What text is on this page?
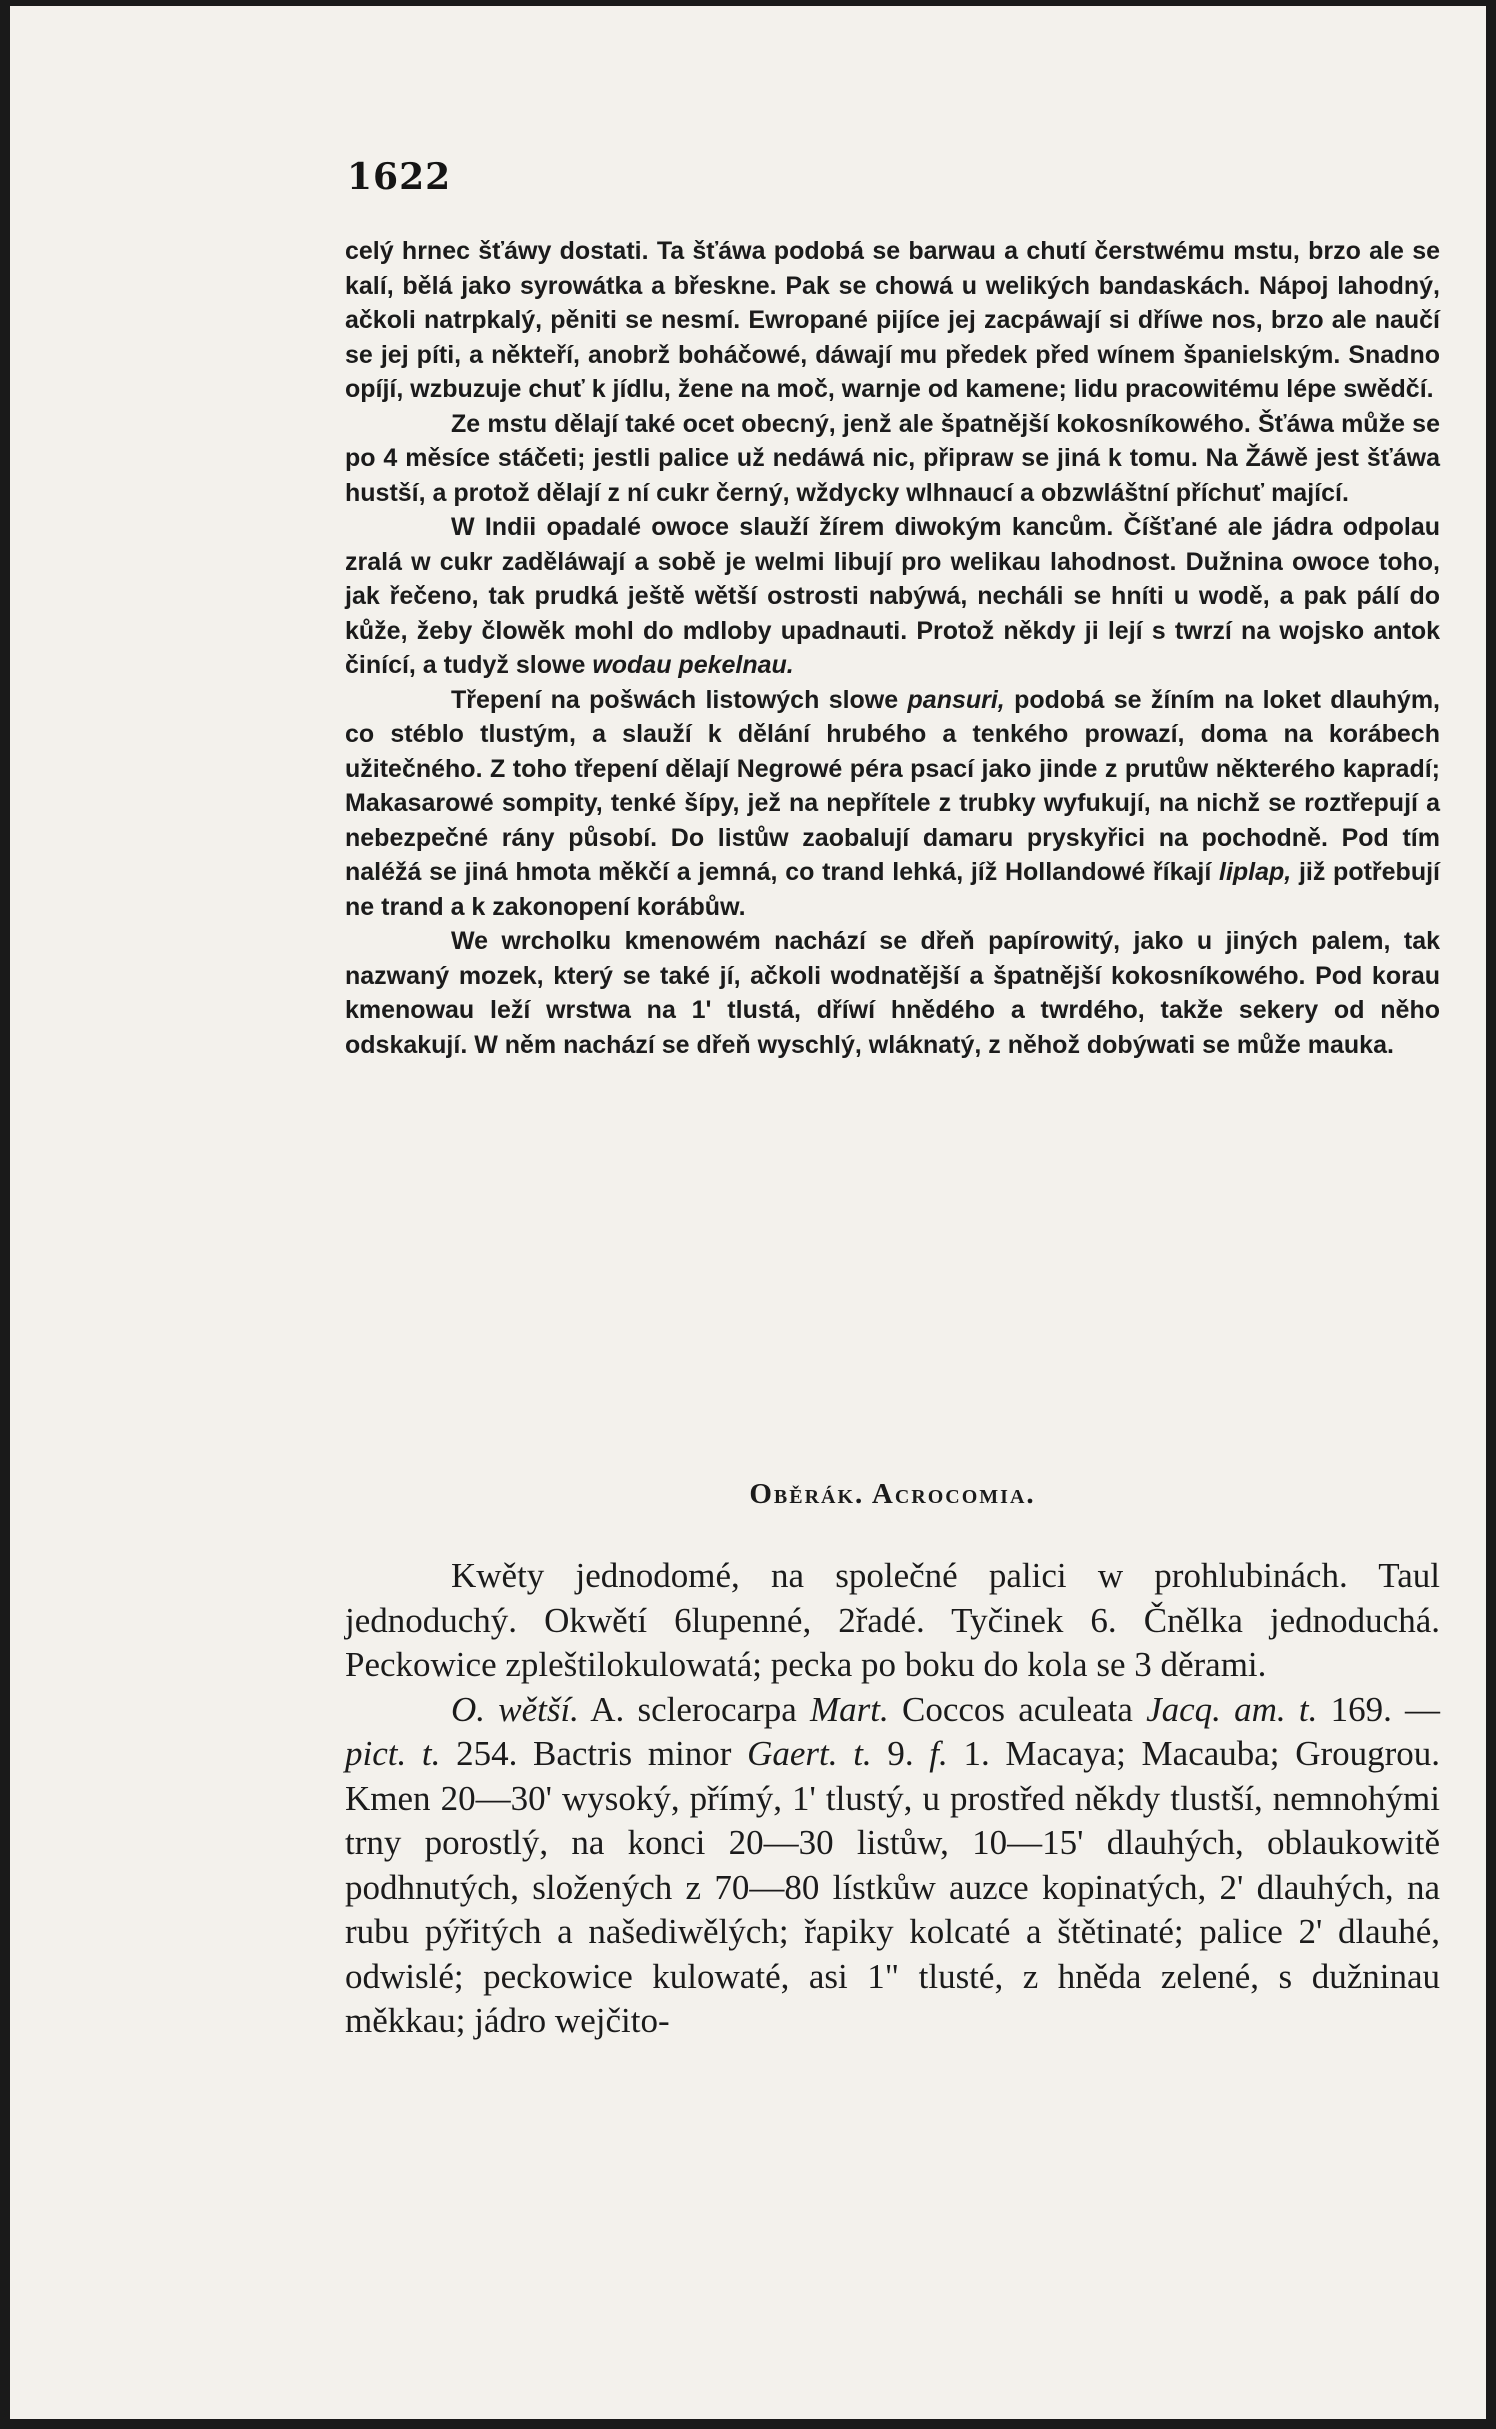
1622

celý hrnec šťáwy dostati. Ta šťáwa podobá se barwau a chutí čerstwému mstu, brzo ale se kalí, bělá jako syrowátka a břeskne. Pak se chowá u welikých bandaskách. Nápoj lahodný, ačkoli natrpkalý, pěniti se nesmí. Ewropané pijíce jej zacpáwají si dříwe nos, brzo ale naučí se jej píti, a někteří, anobrž boháčowé, dáwají mu předek před wínem španielským. Snadno opíjí, wzbuzuje chuť k jídlu, žene na moč, warnje od kamene; lidu pracowitému lépe swědčí.

Ze mstu dělají také ocet obecný, jenž ale špatnější kokosníkowého. Šťáwa může se po 4 měsíce stáčeti; jestli palice už nedáwá nic, připraw se jiná k tomu. Na Žáwě jest šťáwa hustší, a protož dělají z ní cukr černý, wždycky wlhnaucí a obzwláštní příchuť mající.

W Indii opadalé owoce slauží žírem diwokým kancům. Číšťané ale jádra odpolau zralá w cukr zaděláwají a sobě je welmi libují pro welikau lahodnost. Dužnina owoce toho, jak řečeno, tak prudká ještě wětší ostrosti nabýwá, necháli se hníti u wodě, a pak pálí do kůže, žeby člowěk mohl do mdloby upadnauti. Protož někdy ji lejí s twrzí na wojsko antok činící, a tudyž slowe wodau pekelnau.

Třepení na pošwách listowých slowe pansuri, podobá se žíním na loket dlauhým, co stéblo tlustým, a slauží k dělání hrubého a tenkého prowazí, doma na korábech užitečného. Z toho třepení dělají Negrowé péra psací jako jinde z prutůw některého kapradí; Makasarowé sompity, tenké šípy, jež na nepřítele z trubky wyfukují, na nichž se roztřepují a nebezpečné rány působí. Do listůw zaobalují damaru pryskyřici na pochodně. Pod tím naléžá se jiná hmota měkčí a jemná, co trand lehká, jíž Hollandowé říkají liplap, již potřebují ne trand a k zakonopení korábůw.

We wrcholku kmenowém nachází se dřeň papírowitý, jako u jiných palem, tak nazwaný mozek, který se také jí, ačkoli wodnatější a špatnější kokosníkowého. Pod korau kmenowau leží wrstwa na 1' tlustá, dříwí hnědého a twrdého, takže sekery od něho odskakují. W něm nachází se dřeň wyschlý, wláknatý, z něhož dobýwati se může mauka.

Oběrák. Acrocomia.

Kwěty jednodomé, na společné palici w prohlubinách. Taul jednoduchý. Okwětí 6lupenné, 2řadé. Tyčinek 6. Čnělka jednoduchá. Peckowice zpleštilokulowatá; pecka po boku do kola se 3 děrami.

O. wětší. A. sclerocarpa Mart. Coccos aculeata Jacq. am. t. 169. — pict. t. 254. Bactris minor Gaert. t. 9. f. 1. Macaya; Macauba; Grougrou. Kmen 20—30' wysoký, přímý, 1' tlustý, u prostřed někdy tlustší, nemnohými trny porostlý, na konci 20—30 listůw, 10—15' dlauhých, oblaukowitě podhnutých, složených z 70—80 lístkůw auzce kopinatých, 2' dlauhých, na rubu pýřitých a našediwělých; řapiky kolcaté a štětinaté; palice 2' dlauhé, odwislé; peckowice kulowaté, asi 1" tlusté, z hněda zelené, s dužninau měkkau; jádro wejčito-
